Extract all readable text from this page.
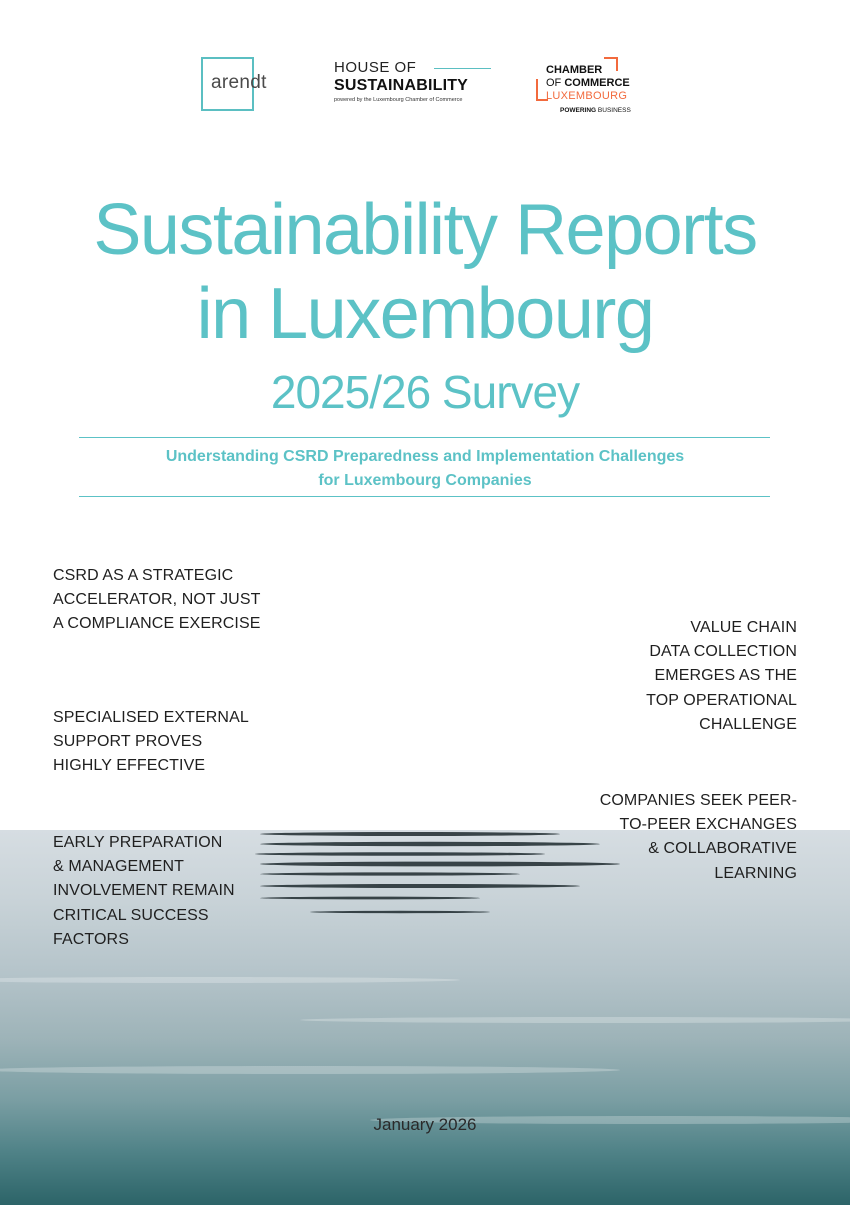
arendt
HOUSE OF
SUSTAINABILITY
powered by the Luxembourg Chamber of Commerce
CHAMBER
OF COMMERCE
LUXEMBOURG
POWERING BUSINESS
Sustainability Reports
in Luxembourg
2025/26 Survey
Understanding CSRD Preparedness and Implementation Challenges
for Luxembourg Companies
CSRD AS A STRATEGIC
ACCELERATOR, NOT JUST
A COMPLIANCE EXERCISE
SPECIALISED EXTERNAL
SUPPORT PROVES
HIGHLY EFFECTIVE
EARLY PREPARATION
& MANAGEMENT
INVOLVEMENT REMAIN
CRITICAL SUCCESS
FACTORS
VALUE CHAIN
DATA COLLECTION
EMERGES AS THE
TOP OPERATIONAL
CHALLENGE
COMPANIES SEEK PEER-
TO-PEER EXCHANGES
& COLLABORATIVE
LEARNING
January 2026
